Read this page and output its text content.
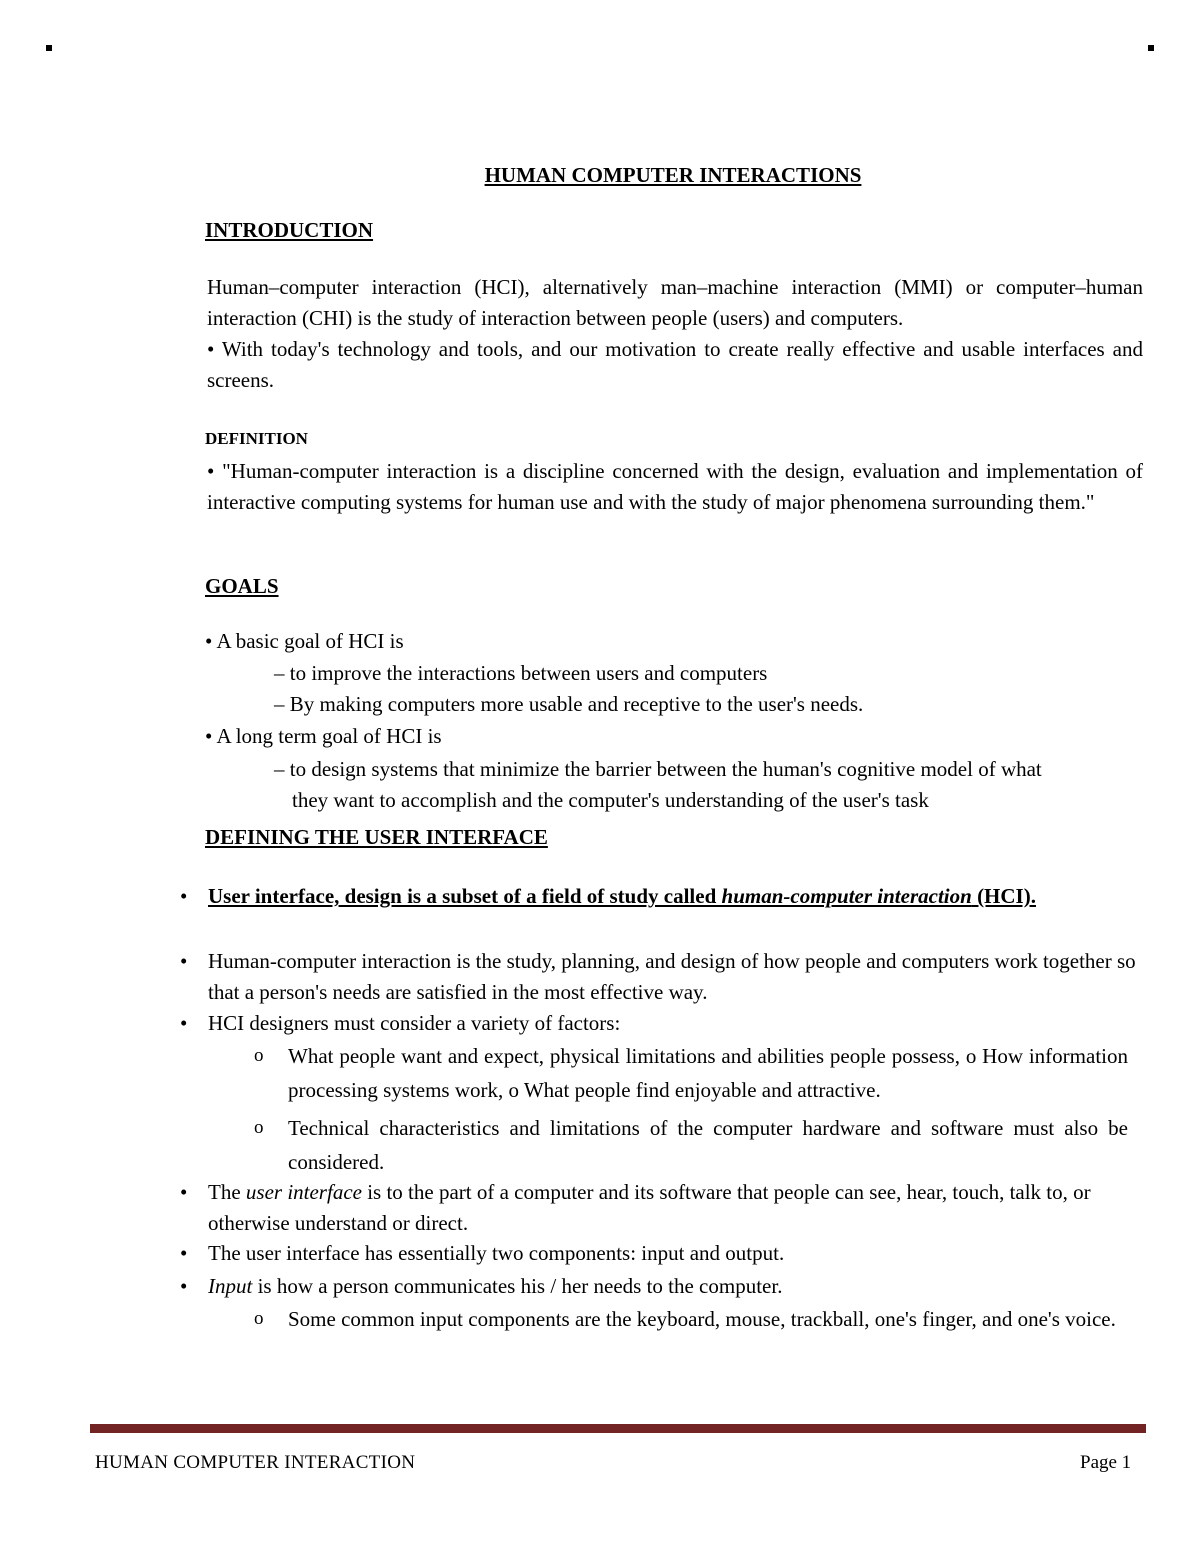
HUMAN COMPUTER INTERACTIONS
INTRODUCTION

Human–computer interaction (HCI), alternatively man–machine interaction (MMI) or computer–human interaction (CHI) is the study of interaction between people (users) and computers.

• With today's technology and tools, and our motivation to create really effective and usable interfaces and screens.

DEFINITION

• "Human-computer interaction is a discipline concerned with the design, evaluation and implementation of interactive computing systems for human use and with the study of major phenomena surrounding them."

GOALS
• A basic goal of HCI is
– to improve the interactions between users and computers
– By making computers more usable and receptive to the user's needs.
• A long term goal of HCI is
– to design systems that minimize the barrier between the human's cognitive model of what
they want to accomplish and the computer's understanding of the user's task
DEFINING THE USER INTERFACE
• User interface, design is a subset of a field of study called human-computer interaction (HCI).
• Human-computer interaction is the study, planning, and design of how people and computers work together so that a person's needs are satisfied in the most effective way.
• HCI designers must consider a variety of factors:
o What people want and expect, physical limitations and abilities people possess, o How information processing systems work, o What people find enjoyable and attractive.
o Technical characteristics and limitations of the computer hardware and software must also be considered.
• The user interface is to the part of a computer and its software that people can see, hear, touch, talk to, or otherwise understand or direct.
• The user interface has essentially two components: input and output.
• Input is how a person communicates his / her needs to the computer.
o Some common input components are the keyboard, mouse, trackball, one's finger, and one's voice.
HUMAN COMPUTER INTERACTION	Page 1
